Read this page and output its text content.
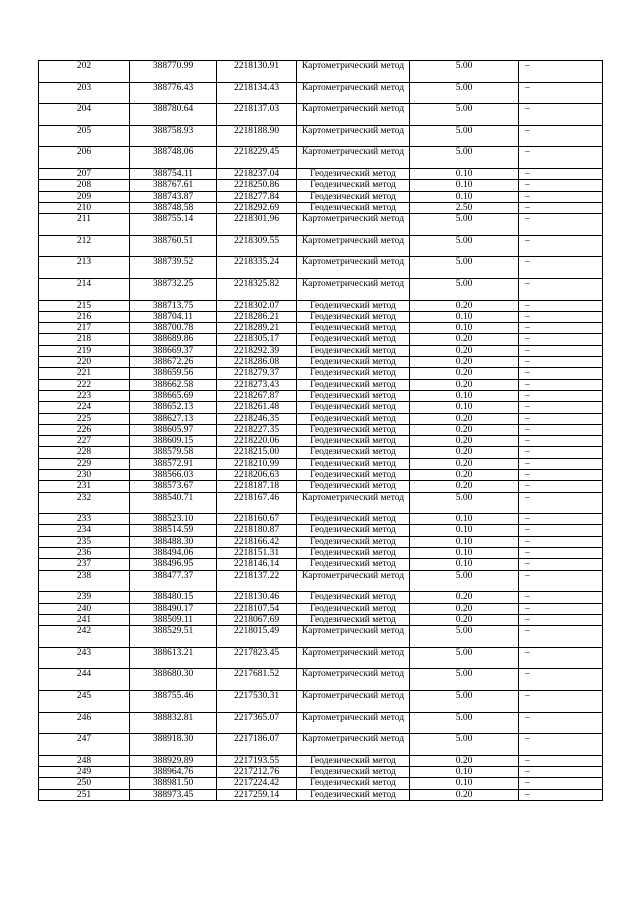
202	388770.99	2218130.91	Картометрический метод	5.00	–
203	388776.43	2218134.43	Картометрический метод	5.00	–
204	388780.64	2218137.03	Картометрический метод	5.00	–
205	388758.93	2218188.90	Картометрический метод	5.00	–
206	388748.06	2218229.45	Картометрический метод	5.00	–
207	388754.11	2218237.04	Геодезический метод	0.10	–
208	388767.61	2218250.86	Геодезический метод	0.10	–
209	388743.87	2218277.84	Геодезический метод	0.10	–
210	388748.58	2218292.69	Геодезический метод	2.50	–
211	388755.14	2218301.96	Картометрический метод	5.00	–
212	388760.51	2218309.55	Картометрический метод	5.00	–
213	388739.52	2218335.24	Картометрический метод	5.00	–
214	388732.25	2218325.82	Картометрический метод	5.00	–
215	388713.75	2218302.07	Геодезический метод	0.20	–
216	388704.11	2218286.21	Геодезический метод	0.10	–
217	388700.78	2218289.21	Геодезический метод	0.10	–
218	388689.86	2218305.17	Геодезический метод	0.20	–
219	388669.37	2218292.39	Геодезический метод	0.20	–
220	388672.26	2218286.08	Геодезический метод	0.20	–
221	388659.56	2218279.37	Геодезический метод	0.20	–
222	388662.58	2218273.43	Геодезический метод	0.20	–
223	388665.69	2218267.87	Геодезический метод	0.10	–
224	388652.13	2218261.48	Геодезический метод	0.10	–
225	388627.13	2218246.35	Геодезический метод	0.20	–
226	388605.97	2218227.35	Геодезический метод	0.20	–
227	388609.15	2218220.06	Геодезический метод	0.20	–
228	388579.58	2218215.00	Геодезический метод	0.20	–
229	388572.91	2218210.99	Геодезический метод	0.20	–
230	388566.03	2218206.63	Геодезический метод	0.20	–
231	388573.67	2218187.18	Геодезический метод	0.20	–
232	388540.71	2218167.46	Картометрический метод	5.00	–
233	388523.10	2218160.67	Геодезический метод	0.10	–
234	388514.59	2218180.87	Геодезический метод	0.10	–
235	388488.30	2218166.42	Геодезический метод	0.10	–
236	388494.06	2218151.31	Геодезический метод	0.10	–
237	388496.95	2218146.14	Геодезический метод	0.10	–
238	388477.37	2218137.22	Картометрический метод	5.00	–
239	388480.15	2218130.46	Геодезический метод	0.20	–
240	388490.17	2218107.54	Геодезический метод	0.20	–
241	388509.11	2218067.69	Геодезический метод	0.20	–
242	388529.51	2218015.49	Картометрический метод	5.00	–
243	388613.21	2217823.45	Картометрический метод	5.00	–
244	388680.30	2217681.52	Картометрический метод	5.00	–
245	388755.46	2217530.31	Картометрический метод	5.00	–
246	388832.81	2217365.07	Картометрический метод	5.00	–
247	388918.30	2217186.07	Картометрический метод	5.00	–
248	388929.89	2217193.55	Геодезический метод	0.20	–
249	388964.76	2217212.76	Геодезический метод	0.10	–
250	388981.50	2217224.42	Геодезический метод	0.10	–
251	388973.45	2217259.14	Геодезический метод	0.20	–
